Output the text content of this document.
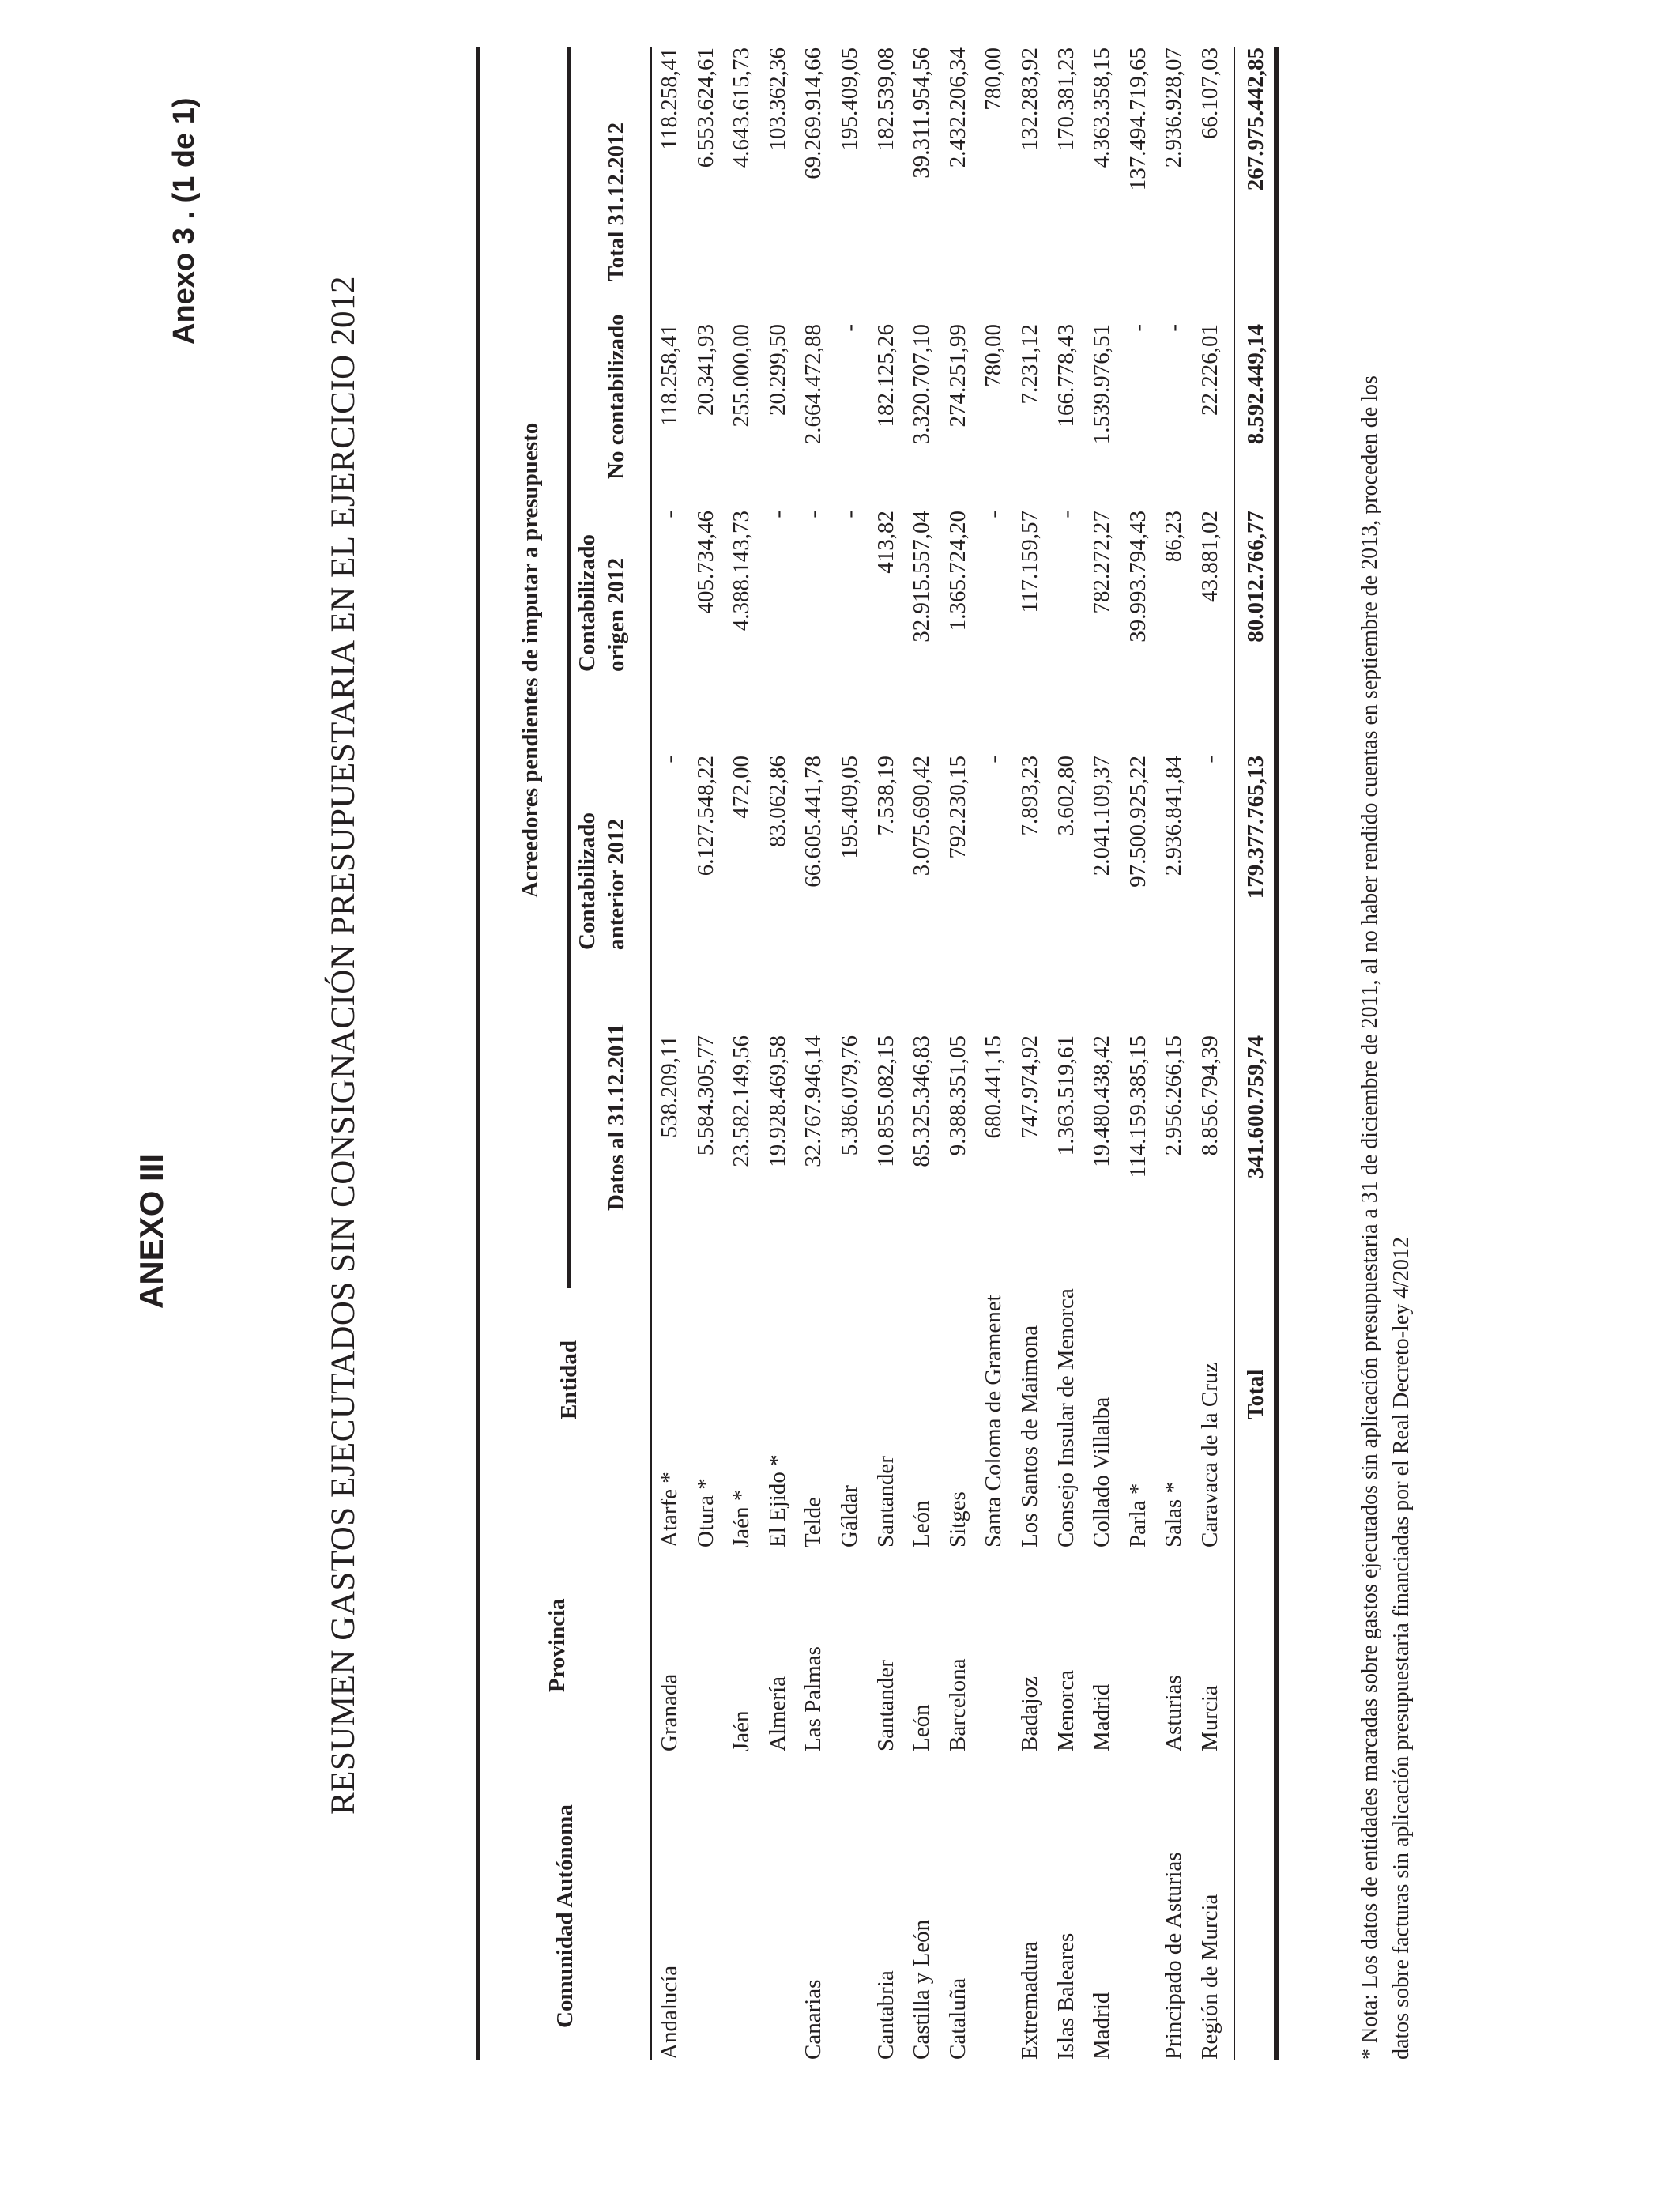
ANEXO III
Anexo 3 . (1 de 1)
RESUMEN GASTOS EJECUTADOS SIN CONSIGNACIÓN PRESUPUESTARIA EN EL EJERCICIO 2012
Comunidad Autónoma
Provincia
Entidad
Datos al 31.12.2011
Acreedores pendientes de imputar a presupuesto Contabilizado anterior 2012
Contabilizado origen 2012
No contabilizado
Total 31.12.2012
Andalucía
Granada
Atarfe *
538.209,11
-
-
118.258,41
118.258,41
Otura *
5.584.305,77
6.127.548,22
405.734,46
20.341,93
6.553.624,61
Jaén
Jaén *
23.582.149,56
472,00
4.388.143,73
255.000,00
4.643.615,73
Almería
El Ejido *
19.928.469,58
83.062,86
-
20.299,50
103.362,36
Canarias
Las Palmas
Telde
32.767.946,14
66.605.441,78
-
2.664.472,88
69.269.914,66
Gáldar
5.386.079,76
195.409,05
-
-
195.409,05
Cantabria
Santander
Santander
10.855.082,15
7.538,19
413,82
182.125,26
182.539,08
Castilla y León
León
León
85.325.346,83
3.075.690,42
32.915.557,04
3.320.707,10
39.311.954,56
Cataluña
Barcelona
Sitges
9.388.351,05
792.230,15
1.365.724,20
274.251,99
2.432.206,34
Santa Coloma de Gramenet
680.441,15
-
-
780,00
780,00
Extremadura
Badajoz
Los Santos de Maimona
747.974,92
7.893,23
117.159,57
7.231,12
132.283,92
Islas Baleares
Menorca
Consejo Insular de Menorca
1.363.519,61
3.602,80
-
166.778,43
170.381,23
Madrid
Madrid
Collado Villalba
19.480.438,42
2.041.109,37
782.272,27
1.539.976,51
4.363.358,15
Parla *
114.159.385,15
97.500.925,22
39.993.794,43
-
137.494.719,65
Principado de Asturias
Asturias
Salas *
2.956.266,15
2.936.841,84
86,23
-
2.936.928,07
Región de Murcia
Murcia
Caravaca de la Cruz
8.856.794,39
-
43.881,02
22.226,01
66.107,03
Total
341.600.759,74
179.377.765,13
80.012.766,77
8.592.449,14
267.975.442,85
* Nota: Los datos de entidades marcadas sobre gastos ejecutados sin aplicación presupuestaria a 31 de diciembre de 2011, al no haber rendido cuentas en septiembre de 2013, proceden de los datos sobre facturas sin aplicación presupuestaria financiadas por el Real Decreto-ley 4/2012
